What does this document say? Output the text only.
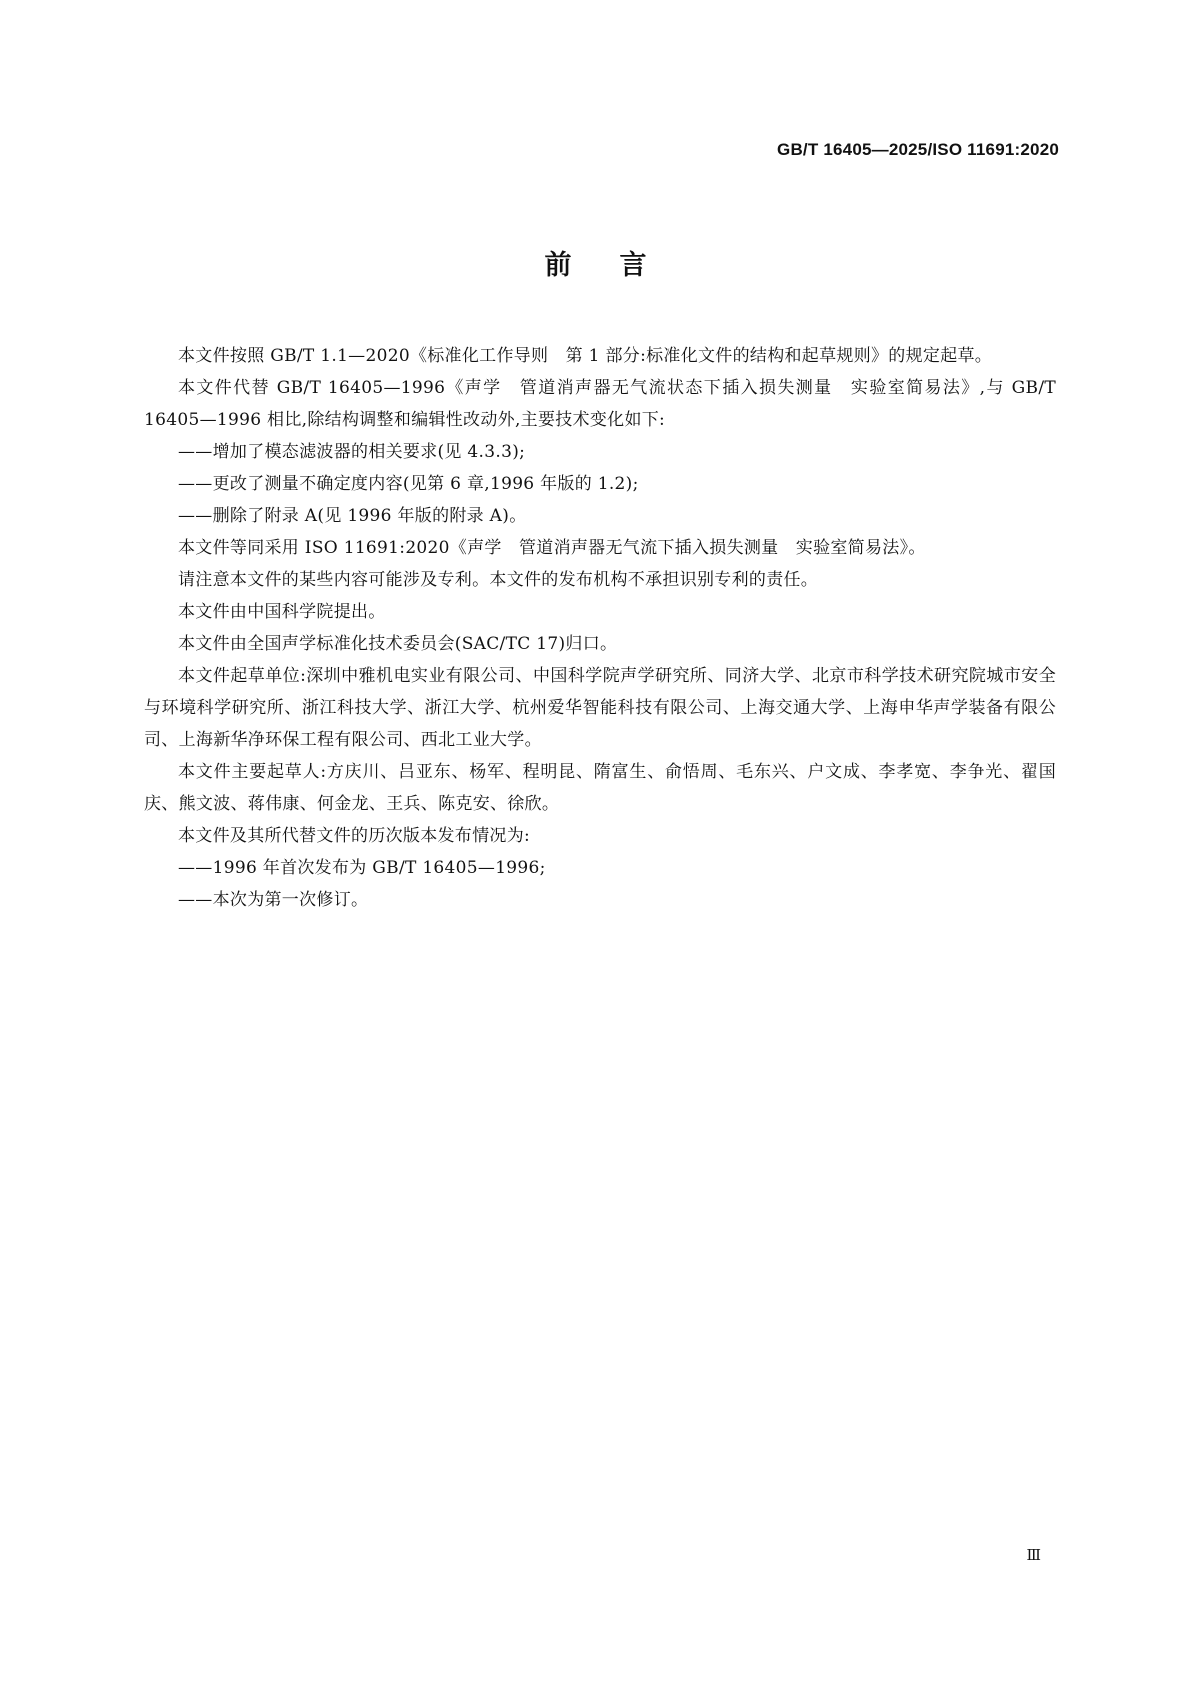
GB/T 16405—2025/ISO 11691:2020
前言

本文件按照 GB/T 1.1—2020《标准化工作导则　第 1 部分:标准化文件的结构和起草规则》的规定起草。

本文件代替 GB/T 16405—1996《声学　管道消声器无气流状态下插入损失测量　实验室简易法》,与 GB/T 16405—1996 相比,除结构调整和编辑性改动外,主要技术变化如下:

——增加了模态滤波器的相关要求(见 4.3.3);

——更改了测量不确定度内容(见第 6 章,1996 年版的 1.2);

——删除了附录 A(见 1996 年版的附录 A)。

本文件等同采用 ISO 11691:2020《声学　管道消声器无气流下插入损失测量　实验室简易法》。

请注意本文件的某些内容可能涉及专利。本文件的发布机构不承担识别专利的责任。

本文件由中国科学院提出。

本文件由全国声学标准化技术委员会(SAC/TC 17)归口。

本文件起草单位:深圳中雅机电实业有限公司、中国科学院声学研究所、同济大学、北京市科学技术研究院城市安全与环境科学研究所、浙江科技大学、浙江大学、杭州爱华智能科技有限公司、上海交通大学、上海申华声学装备有限公司、上海新华净环保工程有限公司、西北工业大学。

本文件主要起草人:方庆川、吕亚东、杨军、程明昆、隋富生、俞悟周、毛东兴、户文成、李孝宽、李争光、翟国庆、熊文波、蒋伟康、何金龙、王兵、陈克安、徐欣。

本文件及其所代替文件的历次版本发布情况为:

——1996 年首次发布为 GB/T 16405—1996;

——本次为第一次修订。

Ⅲ
